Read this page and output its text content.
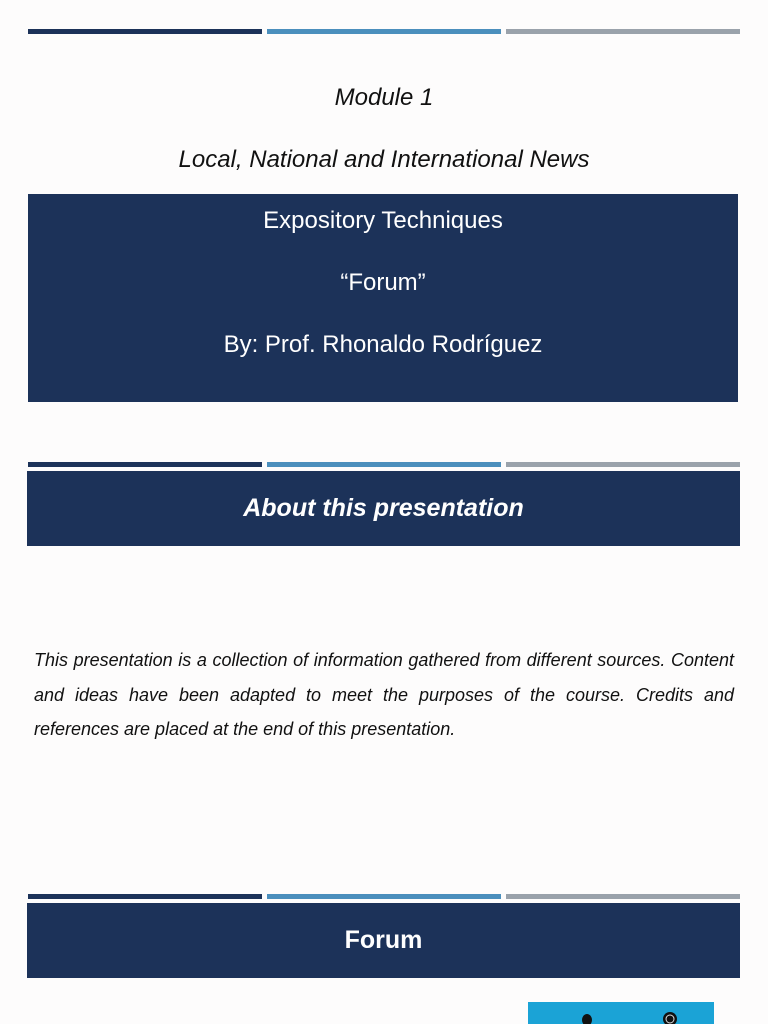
Module 1

Local, National and International News

Expository Techniques

“Forum”

By: Prof. Rhonaldo Rodríguez

About this presentation

This presentation is a collection of information gathered from different sources. Content and ideas have been adapted to meet the purposes of the course. Credits and references are placed at the end of this presentation.

Forum
